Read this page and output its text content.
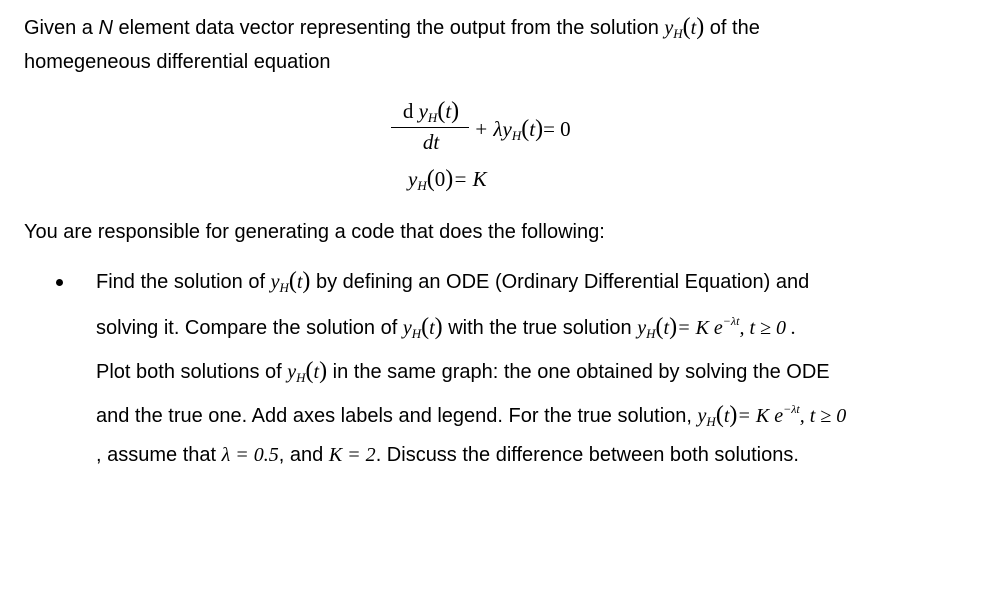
Given a N element data vector representing the output from the solution $y_H(t)$ of the
homegeneous differential equation
d $y_H(t)$
dt
+ $\lambda y_H(t)= 0$
$y_H(0)= K$
You are responsible for generating a code that does the following:
Find the solution of $y_H(t)$ by defining an ODE (Ordinary Differential Equation) and
solving it. Compare the solution of $y_H(t)$ with the true solution $y_H(t)= K$ $e^{-\lambda t}$, t ≥ 0 .
Plot both solutions of $y_H(t)$ in the same graph: the one obtained by solving the ODE
and the true one. Add axes labels and legend. For the true solution, $y_H(t)= K$ $e^{-\lambda t}$, t ≥ 0
, assume that λ = 0.5, and K = 2. Discuss the difference between both solutions.
